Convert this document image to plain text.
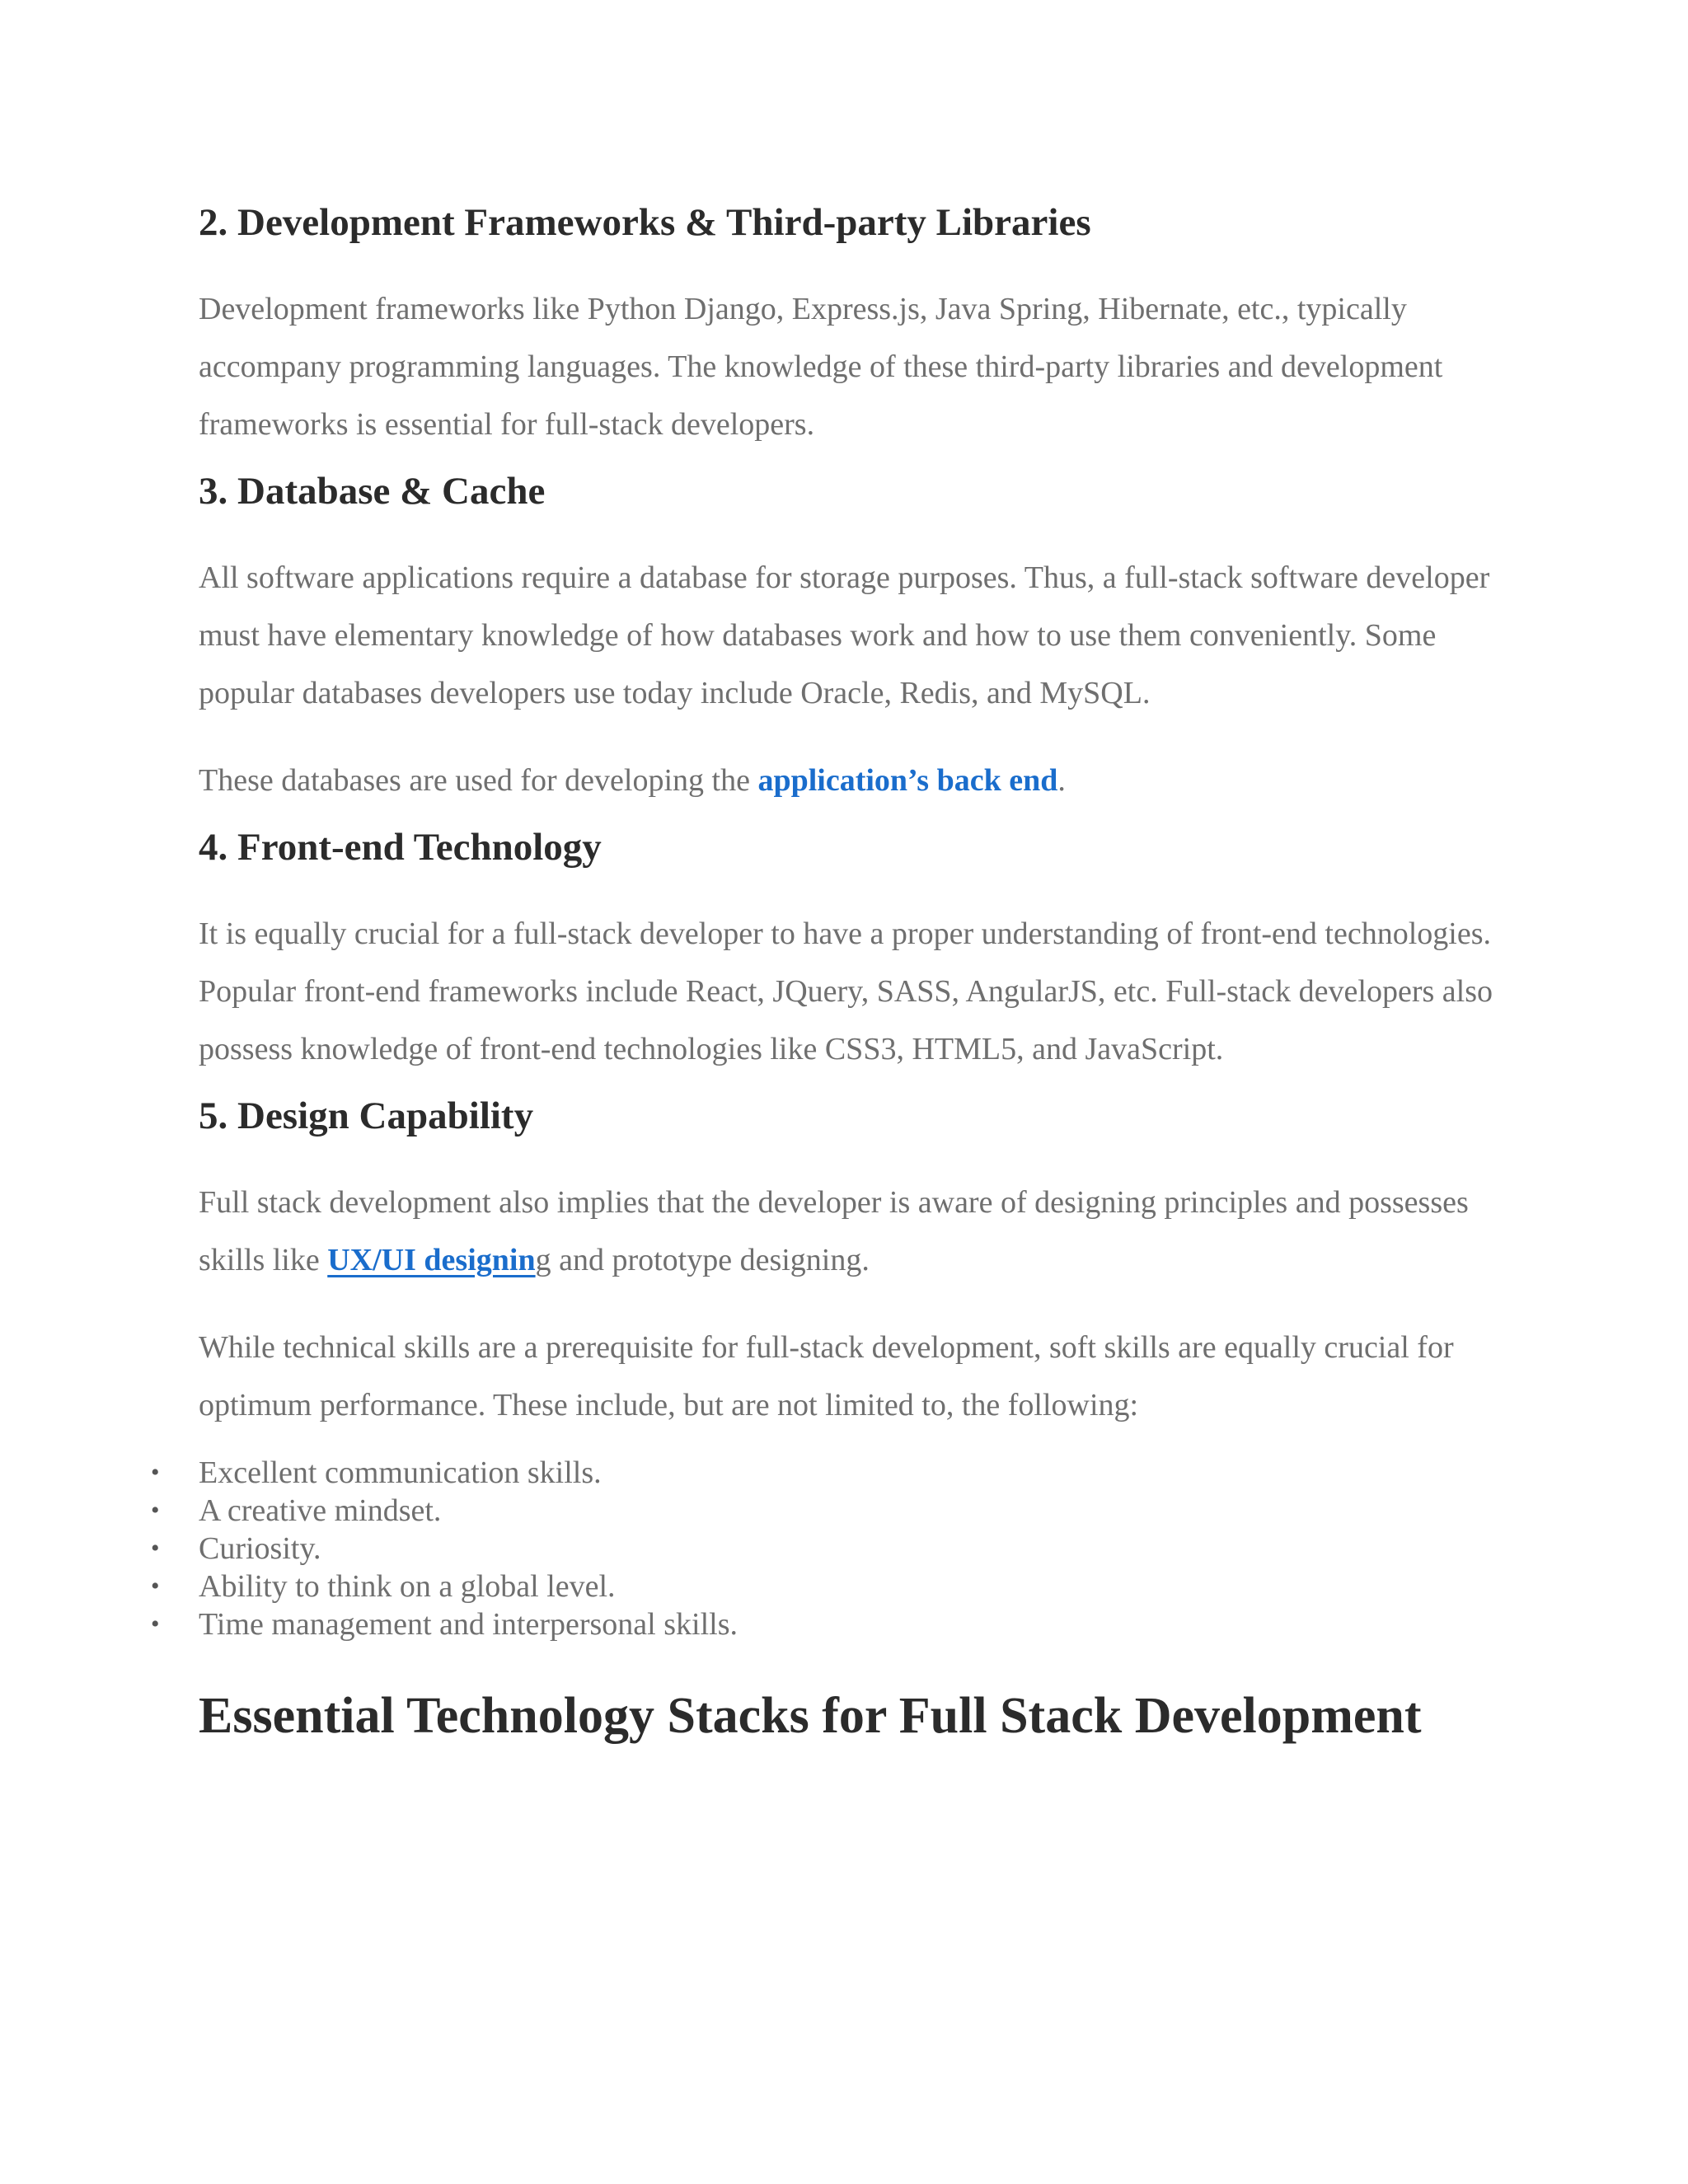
2. Development Frameworks & Third-party Libraries

Development frameworks like Python Django, Express.js, Java Spring, Hibernate, etc., typically accompany programming languages. The knowledge of these third-party libraries and development frameworks is essential for full-stack developers.

3. Database & Cache

All software applications require a database for storage purposes. Thus, a full-stack software developer must have elementary knowledge of how databases work and how to use them conveniently. Some popular databases developers use today include Oracle, Redis, and MySQL.

These databases are used for developing the application’s back end.

4. Front-end Technology

It is equally crucial for a full-stack developer to have a proper understanding of front-end technologies. Popular front-end frameworks include React, JQuery, SASS, AngularJS, etc. Full-stack developers also possess knowledge of front-end technologies like CSS3, HTML5, and JavaScript.

5. Design Capability

Full stack development also implies that the developer is aware of designing principles and possesses skills like UX/UI designing and prototype designing.

While technical skills are a prerequisite for full-stack development, soft skills are equally crucial for optimum performance. These include, but are not limited to, the following:

• Excellent communication skills.
• A creative mindset.
• Curiosity.
• Ability to think on a global level.
• Time management and interpersonal skills.
Essential Technology Stacks for Full Stack Development
